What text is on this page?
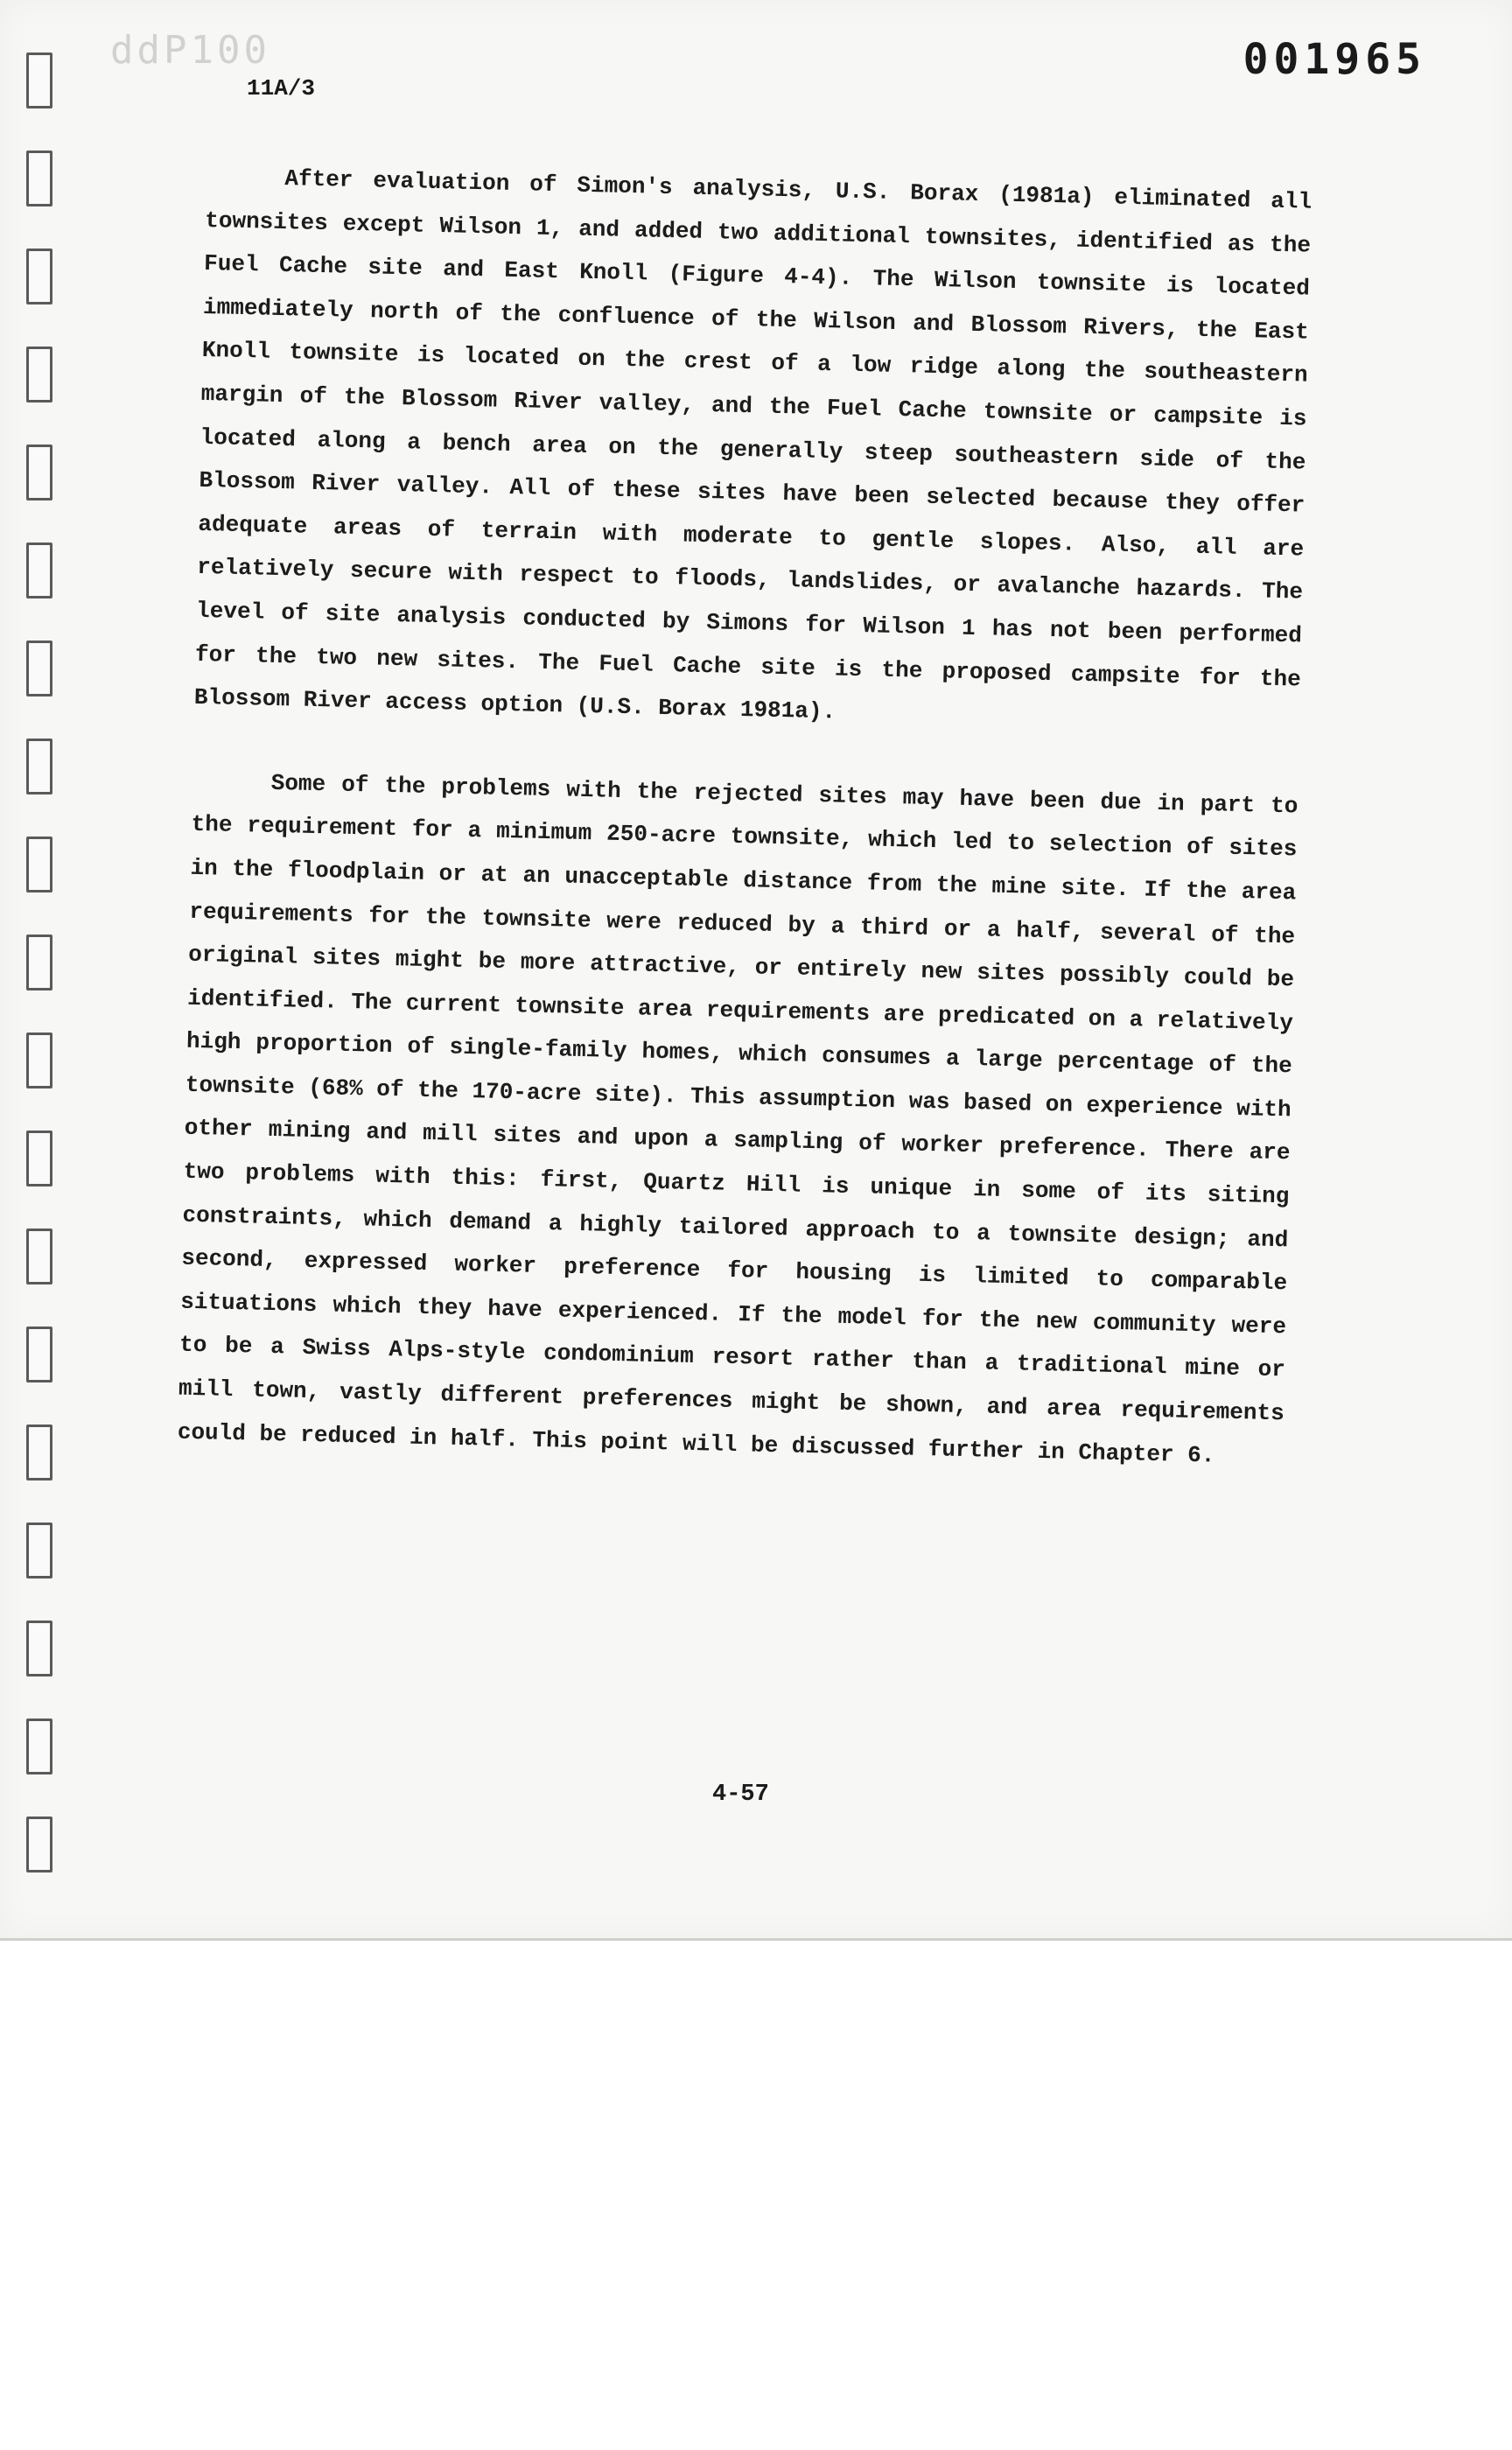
ddP100	001965
11A/3

After evaluation of Simon's analysis, U.S. Borax (1981a) eliminated all townsites except Wilson 1, and added two additional townsites, identified as the Fuel Cache site and East Knoll (Figure 4-4). The Wilson townsite is located immediately north of the confluence of the Wilson and Blossom Rivers, the East Knoll townsite is located on the crest of a low ridge along the southeastern margin of the Blossom River valley, and the Fuel Cache townsite or campsite is located along a bench area on the generally steep southeastern side of the Blossom River valley. All of these sites have been selected because they offer adequate areas of terrain with moderate to gentle slopes. Also, all are relatively secure with respect to floods, landslides, or avalanche hazards. The level of site analysis conducted by Simons for Wilson 1 has not been performed for the two new sites. The Fuel Cache site is the proposed campsite for the Blossom River access option (U.S. Borax 1981a).

Some of the problems with the rejected sites may have been due in part to the requirement for a minimum 250-acre townsite, which led to selection of sites in the floodplain or at an unacceptable distance from the mine site. If the area requirements for the townsite were reduced by a third or a half, several of the original sites might be more attractive, or entirely new sites possibly could be identified. The current townsite area requirements are predicated on a relatively high proportion of single-family homes, which consumes a large percentage of the townsite (68% of the 170-acre site). This assumption was based on experience with other mining and mill sites and upon a sampling of worker preference. There are two problems with this: first, Quartz Hill is unique in some of its siting constraints, which demand a highly tailored approach to a townsite design; and second, expressed worker preference for housing is limited to comparable situations which they have experienced. If the model for the new community were to be a Swiss Alps-style condominium resort rather than a traditional mine or mill town, vastly different preferences might be shown, and area requirements could be reduced in half. This point will be discussed further in Chapter 6.

4-57
